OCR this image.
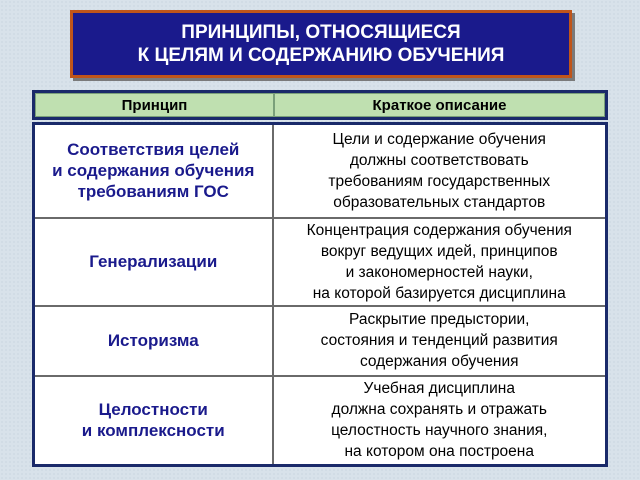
ПРИНЦИПЫ, ОТНОСЯЩИЕСЯ
К ЦЕЛЯМ И СОДЕРЖАНИЮ ОБУЧЕНИЯ
Принцип	Краткое описание
Соответствия целей
и содержания обучения
требованиям ГОС	Цели и содержание обучения
должны соответствовать
требованиям государственных
образовательных стандартов

Генерализации	Концентрация содержания обучения
вокруг ведущих идей, принципов
и закономерностей науки,
на которой базируется дисциплина

Историзма	Раскрытие предыстории,
состояния и тенденций развития
содержания обучения

Целостности
и комплексности	Учебная дисциплина
должна сохранять и отражать
целостность научного знания,
на котором она построена
